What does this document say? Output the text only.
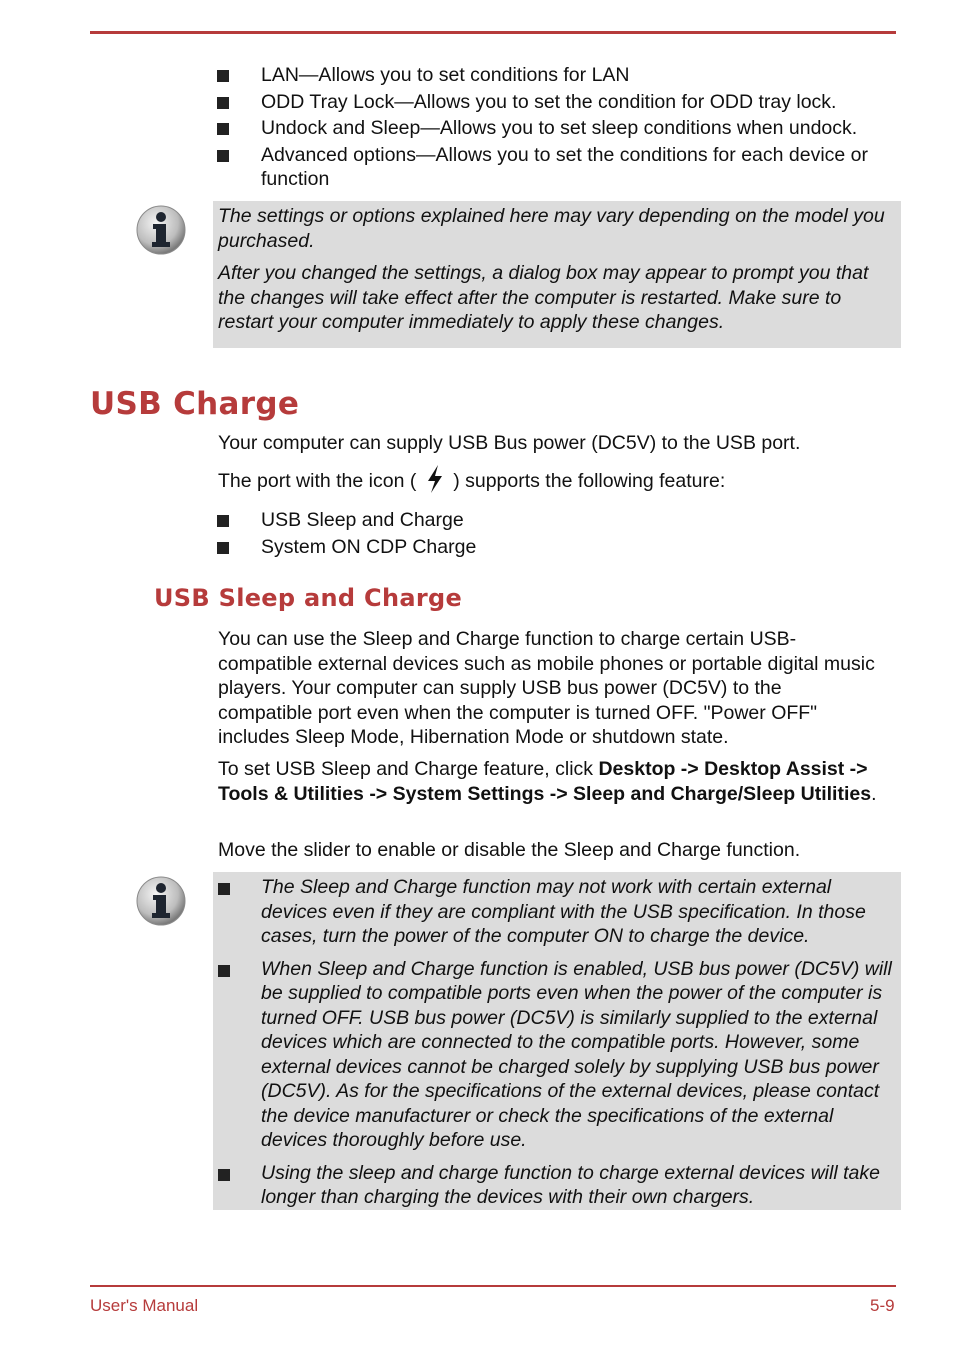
LAN—Allows you to set conditions for LAN
ODD Tray Lock—Allows you to set the condition for ODD tray lock.
Undock and Sleep—Allows you to set sleep conditions when undock.
Advanced options—Allows you to set the conditions for each device or function

The settings or options explained here may vary depending on the model you purchased.

After you changed the settings, a dialog box may appear to prompt you that the changes will take effect after the computer is restarted. Make sure to restart your computer immediately to apply these changes.

USB Charge

Your computer can supply USB Bus power (DC5V) to the USB port.

The port with the icon ( ) supports the following feature:

USB Sleep and Charge
System ON CDP Charge
USB Sleep and Charge

You can use the Sleep and Charge function to charge certain USB-compatible external devices such as mobile phones or portable digital music players. Your computer can supply USB bus power (DC5V) to the compatible port even when the computer is turned OFF. "Power OFF" includes Sleep Mode, Hibernation Mode or shutdown state.

To set USB Sleep and Charge feature, click Desktop -> Desktop Assist -> Tools & Utilities -> System Settings -> Sleep and Charge/Sleep Utilities.

Move the slider to enable or disable the Sleep and Charge function.

The Sleep and Charge function may not work with certain external devices even if they are compliant with the USB specification. In those cases, turn the power of the computer ON to charge the device.
When Sleep and Charge function is enabled, USB bus power (DC5V) will be supplied to compatible ports even when the power of the computer is turned OFF. USB bus power (DC5V) is similarly supplied to the external devices which are connected to the compatible ports. However, some external devices cannot be charged solely by supplying USB bus power (DC5V). As for the specifications of the external devices, please contact the device manufacturer or check the specifications of the external devices thoroughly before use.
Using the sleep and charge function to charge external devices will take longer than charging the devices with their own chargers.
User's Manual	5-9
